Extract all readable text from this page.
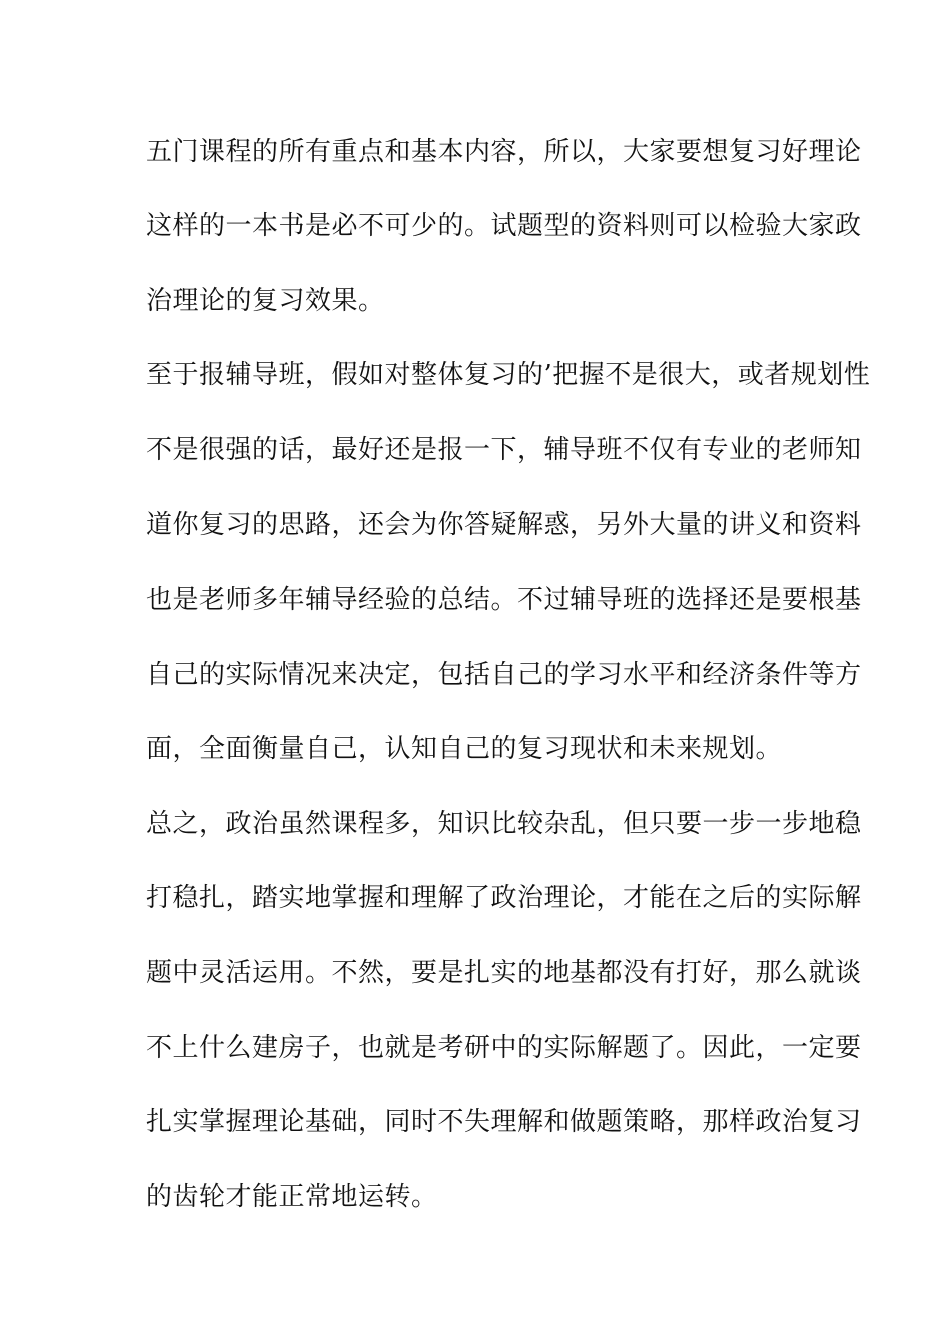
五门课程的所有重点和基本内容，所以，大家要想复习好理论
这样的一本书是必不可少的。试题型的资料则可以检验大家政
治理论的复习效果。
至于报辅导班，假如对整体复习的’把握不是很大，或者规划性
不是很强的话，最好还是报一下，辅导班不仅有专业的老师知
道你复习的思路，还会为你答疑解惑，另外大量的讲义和资料
也是老师多年辅导经验的总结。不过辅导班的选择还是要根基
自己的实际情况来决定，包括自己的学习水平和经济条件等方
面，全面衡量自己，认知自己的复习现状和未来规划。
总之，政治虽然课程多，知识比较杂乱，但只要一步一步地稳
打稳扎，踏实地掌握和理解了政治理论，才能在之后的实际解
题中灵活运用。不然，要是扎实的地基都没有打好，那么就谈
不上什么建房子，也就是考研中的实际解题了。因此，一定要
扎实掌握理论基础，同时不失理解和做题策略，那样政治复习
的齿轮才能正常地运转。
